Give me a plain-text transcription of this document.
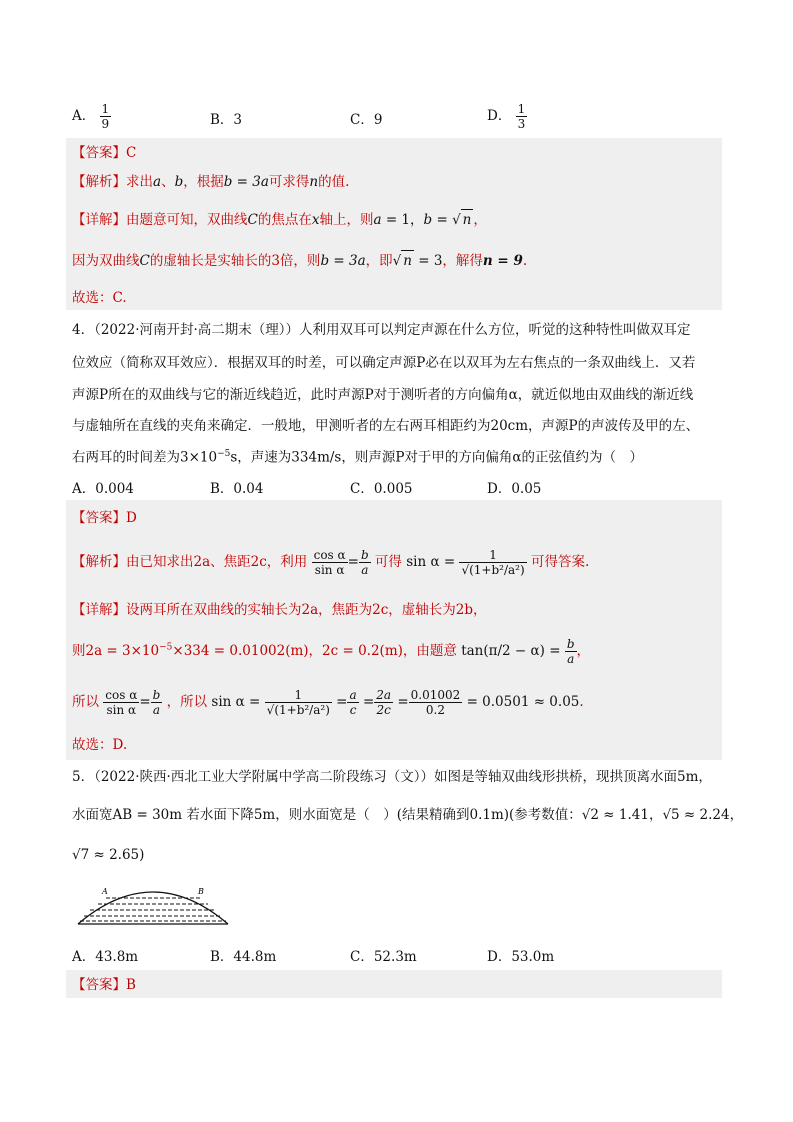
A． $\frac{1}{9}$	B．3	C．9	D． $\frac{1}{3}$
【答案】C
【解析】求出a、b，根据b = 3a可求得n的值.
【详解】由题意可知，双曲线C的焦点在x轴上，则a = 1，b = √ n ，
因为双曲线C的虚轴长是实轴长的3倍，则b = 3a，即√ n = 3，解得n = 9.
故选：C.
4．（2022·河南开封·高二期末（理））人利用双耳可以判定声源在什么方位，听觉的这种特性叫做双耳定
位效应（简称双耳效应）．根据双耳的时差，可以确定声源P必在以双耳为左右焦点的一条双曲线上．又若
声源P所在的双曲线与它的渐近线趋近，此时声源P对于测听者的方向偏角α，就近似地由双曲线的渐近线
与虚轴所在直线的夹角来确定．一般地，甲测听者的左右两耳相距约为20cm，声源P的声波传及甲的左、
右两耳的时间差为$3\times 10^{-5}s$，声速为334m/s，则声源P对于甲的方向偏角α的正弦值约为（　）
A．0.004	B．0.04	C．0.005	D．0.05
【答案】D
【解析】由已知求出2a、焦距2c，利用 $\frac{\text{cos α}}{\text{sin α}} = \frac{b}{a}$ 可得 $\sin \alpha = \frac{1}{\text{√(1+b²/a²)}}$ 可得答案.
【详解】设两耳所在双曲线的实轴长为2a，焦距为2c，虚轴长为2b，
则$2a = 3\times 10^{-5}\times 334 = 0.01002(m)$，2c = 0.2(m)，由题意 $\tan(\pi/2 - \alpha) = \frac{b}{a}$ ，
所以 $\frac{\text{cos α}}{\text{sin α}} = \frac{b}{a}$ ，所以 $\sin \alpha = \frac{1}{\text{√(1+b²/a²)}} = \frac{a}{c} = \frac{2a}{2c} = \frac{0.01002}{0.2} = 0.0501 \approx 0.05$.
故选：D.
5．（2022·陕西·西北工业大学附属中学高二阶段练习（文））如图是等轴双曲线形拱桥，现拱顶离水面5m，
水面宽AB = 30m 若水面下降5m，则水面宽是（　）(结果精确到0.1m)(参考数值：√2 ≈ 1.41，√5 ≈ 2.24，
√7 ≈ 2.65)
A	B
A．43.8m	B．44.8m	C．52.3m	D．53.0m
【答案】B
